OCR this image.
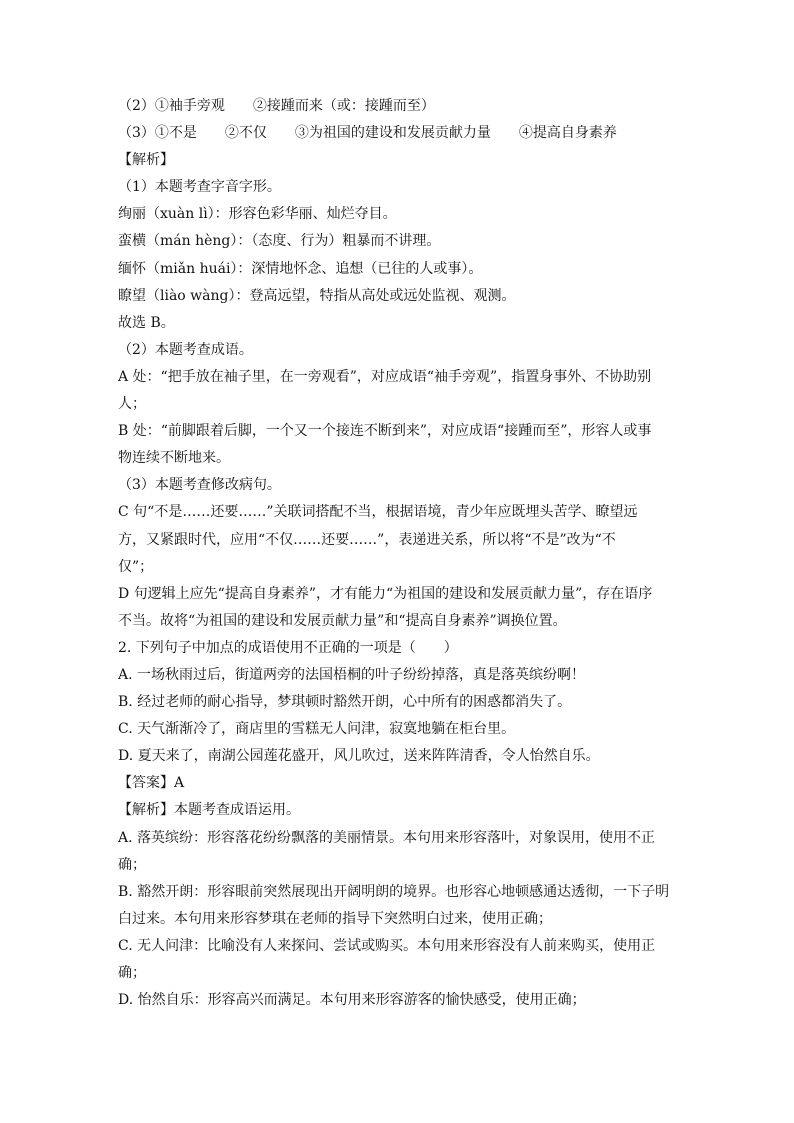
（2）①袖手旁观　　②接踵而来（或：接踵而至）
（3）①不是　　②不仅　　③为祖国的建设和发展贡献力量　　④提高自身素养
【解析】
（1）本题考查字音字形。
绚丽（xuàn lì）：形容色彩华丽、灿烂夺目。
蛮横（mán hèng）：（态度、行为）粗暴而不讲理。
缅怀（miǎn huái）：深情地怀念、追想（已往的人或事）。
瞭望（liào wàng）：登高远望，特指从高处或远处监视、观测。
故选 B。
（2）本题考查成语。
A 处：“把手放在袖子里，在一旁观看”，对应成语“袖手旁观”，指置身事外、不协助别
人；
B 处：“前脚跟着后脚，一个又一个接连不断到来”，对应成语“接踵而至”，形容人或事
物连续不断地来。
（3）本题考查修改病句。
C 句“不是……还要……”关联词搭配不当，根据语境，青少年应既埋头苦学、瞭望远
方，又紧跟时代，应用“不仅……还要……”，表递进关系，所以将“不是”改为“不
仅”；
D 句逻辑上应先“提高自身素养”，才有能力“为祖国的建设和发展贡献力量”，存在语序
不当。故将“为祖国的建设和发展贡献力量”和“提高自身素养”调换位置。
2. 下列句子中加点的成语使用不正确的一项是（　　）
A. 一场秋雨过后，街道两旁的法国梧桐的叶子纷纷掉落，真是落英缤纷啊！
B. 经过老师的耐心指导，梦琪顿时豁然开朗，心中所有的困惑都消失了。
C. 天气渐渐冷了，商店里的雪糕无人问津，寂寞地躺在柜台里。
D. 夏天来了，南湖公园莲花盛开，风儿吹过，送来阵阵清香，令人怡然自乐。
【答案】A
【解析】本题考查成语运用。
A. 落英缤纷：形容落花纷纷飘落的美丽情景。本句用来形容落叶，对象误用，使用不正
确；
B. 豁然开朗：形容眼前突然展现出开阔明朗的境界。也形容心地顿感通达透彻，一下子明
白过来。本句用来形容梦琪在老师的指导下突然明白过来，使用正确；
C. 无人问津：比喻没有人来探问、尝试或购买。本句用来形容没有人前来购买，使用正
确；
D. 怡然自乐：形容高兴而满足。本句用来形容游客的愉快感受，使用正确；
